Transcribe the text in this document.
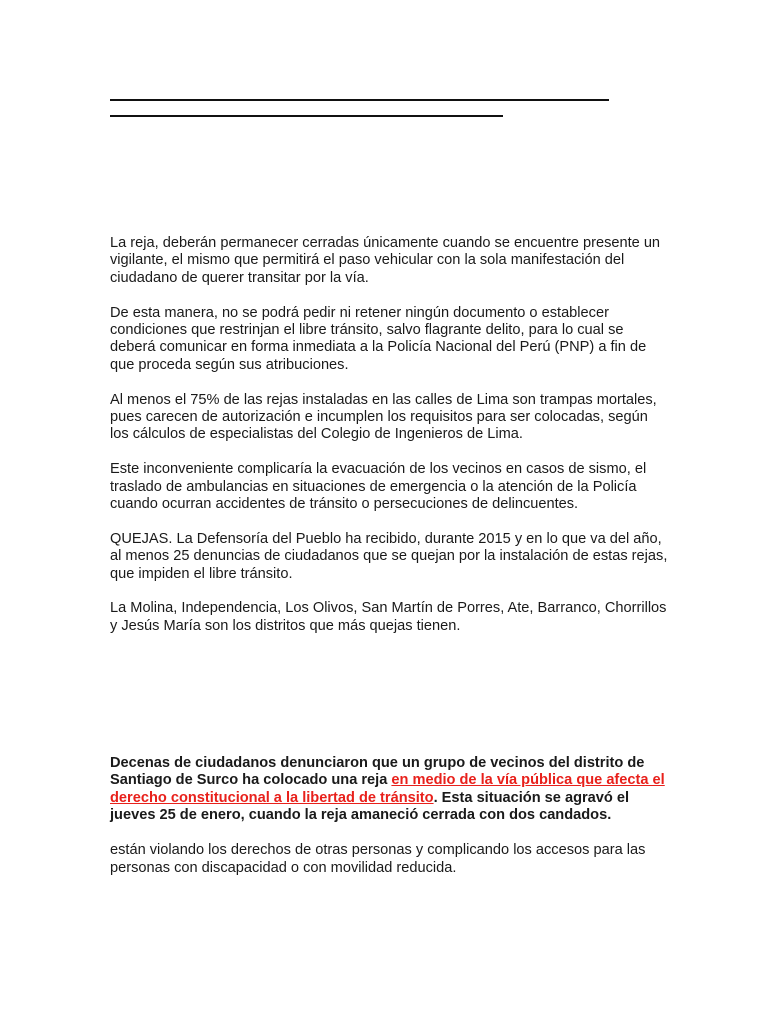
La reja, deberán permanecer cerradas únicamente cuando se encuentre presente un vigilante, el mismo que permitirá el paso vehicular con la sola manifestación del ciudadano de querer transitar por la vía.

De esta manera, no se podrá pedir ni retener ningún documento o establecer condiciones que restrinjan el libre tránsito, salvo flagrante delito, para lo cual se deberá comunicar en forma inmediata a la Policía Nacional del Perú (PNP) a fin de que proceda según sus atribuciones.

Al menos el 75% de las rejas instaladas en las calles de Lima son trampas mortales, pues carecen de autorización e incumplen los requisitos para ser colocadas, según los cálculos de especialistas del Colegio de Ingenieros de Lima.

Este inconveniente complicaría la evacuación de los vecinos en casos de sismo, el traslado de ambulancias en situaciones de emergencia o la atención de la Policía cuando ocurran accidentes de tránsito o persecuciones de delincuentes.

QUEJAS. La Defensoría del Pueblo ha recibido, durante 2015 y en lo que va del año, al menos 25 denuncias de ciudadanos que se quejan por la instalación de estas rejas, que impiden el libre tránsito.

La Molina, Independencia, Los Olivos, San Martín de Porres, Ate, Barranco, Chorrillos y Jesús María son los distritos que más quejas tienen.

Decenas de ciudadanos denunciaron que un grupo de vecinos del distrito de Santiago de Surco ha colocado una reja en medio de la vía pública que afecta el derecho constitucional a la libertad de tránsito. Esta situación se agravó el jueves 25 de enero, cuando la reja amaneció cerrada con dos candados.

están violando los derechos de otras personas y complicando los accesos para las personas con discapacidad o con movilidad reducida.
